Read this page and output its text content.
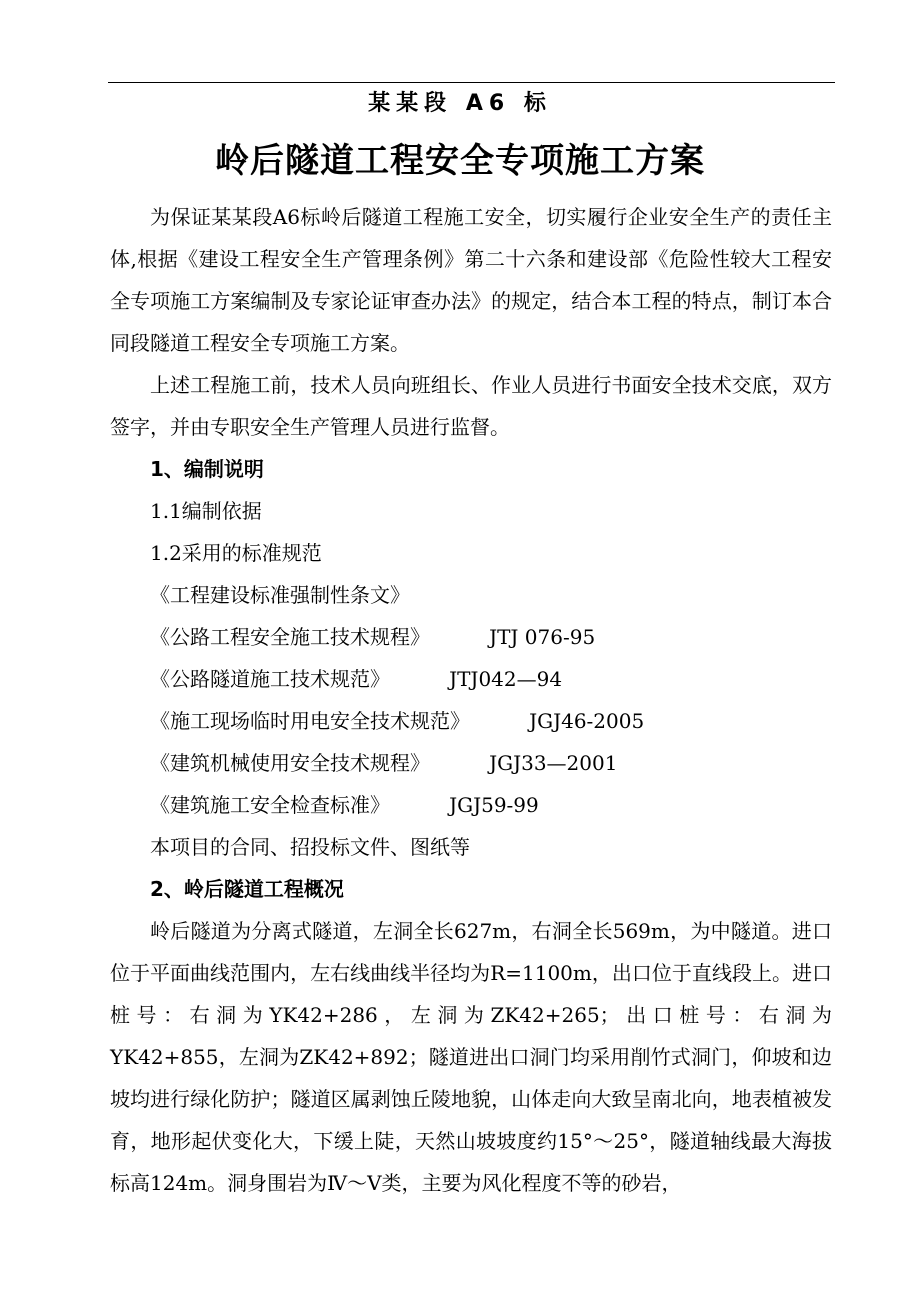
某某段 A6 标
岭后隧道工程安全专项施工方案

为保证某某段A6标岭后隧道工程施工安全，切实履行企业安全生产的责任主体,根据《建设工程安全生产管理条例》第二十六条和建设部《危险性较大工程安全专项施工方案编制及专家论证审查办法》的规定，结合本工程的特点，制订本合同段隧道工程安全专项施工方案。

上述工程施工前，技术人员向班组长、作业人员进行书面安全技术交底，双方签字，并由专职安全生产管理人员进行监督。

1、编制说明

1.1编制依据

1.2采用的标准规范

《工程建设标准强制性条文》

《公路工程安全施工技术规程》	JTJ 076-95

《公路隧道施工技术规范》	JTJ042—94

《施工现场临时用电安全技术规范》	JGJ46-2005

《建筑机械使用安全技术规程》	JGJ33—2001

《建筑施工安全检查标准》	JGJ59-99

本项目的合同、招投标文件、图纸等

2、岭后隧道工程概况

岭后隧道为分离式隧道，左洞全长627m，右洞全长569m，为中隧道。进口位于平面曲线范围内，左右线曲线半径均为R=1100m，出口位于直线段上。进口桩号：右洞为YK42+286，左洞为ZK42+265；出口桩号：右洞为YK42+855，左洞为ZK42+892；隧道进出口洞门均采用削竹式洞门，仰坡和边坡均进行绿化防护；隧道区属剥蚀丘陵地貌，山体走向大致呈南北向，地表植被发育，地形起伏变化大，下缓上陡，天然山坡坡度约15°～25°，隧道轴线最大海拔标高124m。洞身围岩为Ⅳ～Ⅴ类，主要为风化程度不等的砂岩，
